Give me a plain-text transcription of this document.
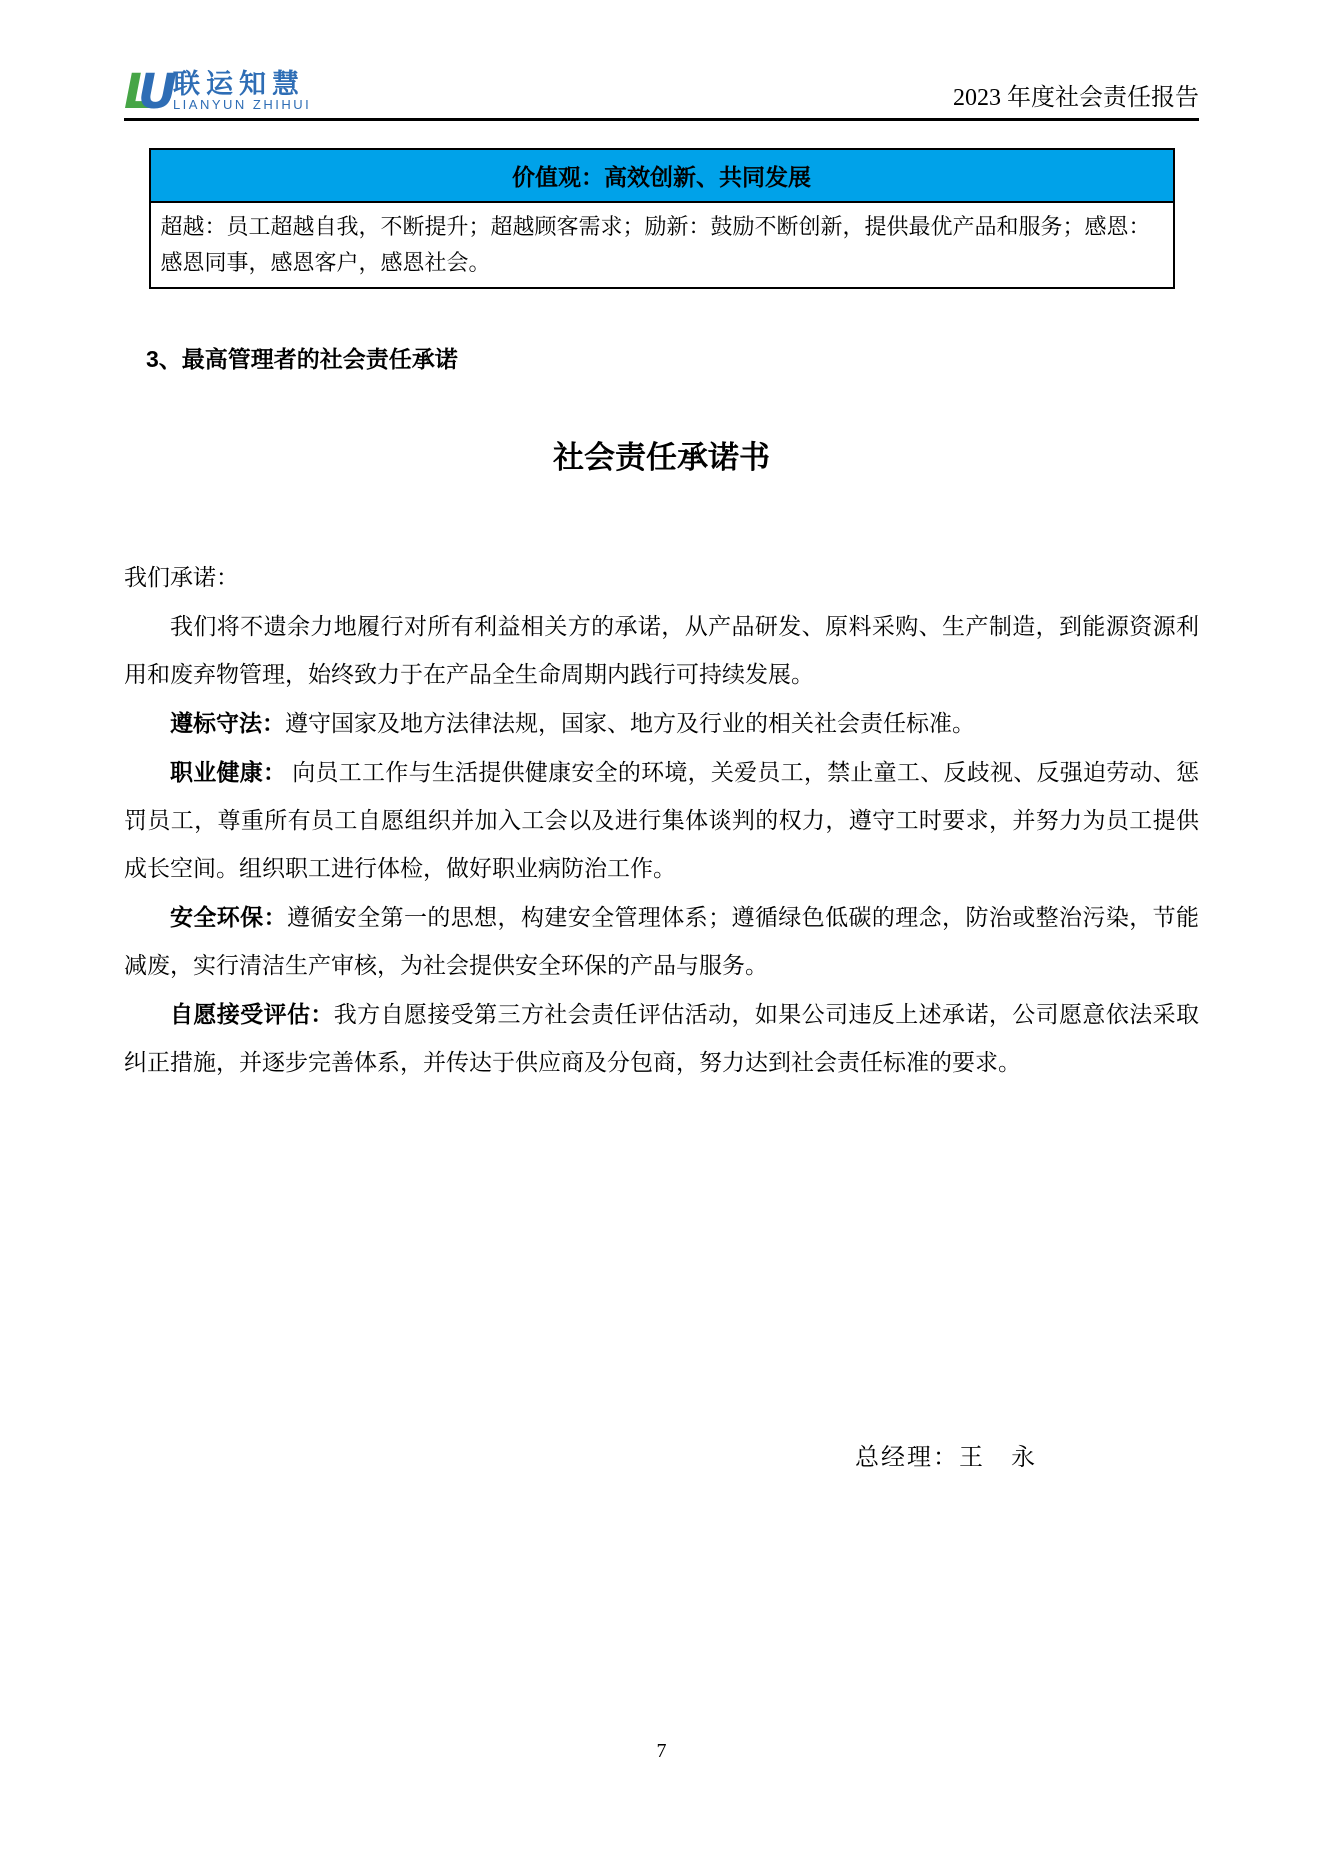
LU 联运知慧
LIANYUN ZHIHUI	2023 年度社会责任报告
价值观：高效创新、共同发展
超越：员工超越自我，不断提升；超越顾客需求；励新：鼓励不断创新，提供最优产品和服务；感恩：感恩同事，感恩客户，感恩社会。
3、最高管理者的社会责任承诺
社会责任承诺书

我们承诺：

我们将不遗余力地履行对所有利益相关方的承诺，从产品研发、原料采购、生产制造，到能源资源利用和废弃物管理，始终致力于在产品全生命周期内践行可持续发展。

遵标守法：遵守国家及地方法律法规，国家、地方及行业的相关社会责任标准。

职业健康： 向员工工作与生活提供健康安全的环境，关爱员工，禁止童工、反歧视、反强迫劳动、惩罚员工，尊重所有员工自愿组织并加入工会以及进行集体谈判的权力，遵守工时要求，并努力为员工提供成长空间。组织职工进行体检，做好职业病防治工作。

安全环保：遵循安全第一的思想，构建安全管理体系；遵循绿色低碳的理念，防治或整治污染，节能减废，实行清洁生产审核，为社会提供安全环保的产品与服务。

自愿接受评估：我方自愿接受第三方社会责任评估活动，如果公司违反上述承诺，公司愿意依法采取纠正措施，并逐步完善体系，并传达于供应商及分包商，努力达到社会责任标准的要求。

总经理：王　永
7
